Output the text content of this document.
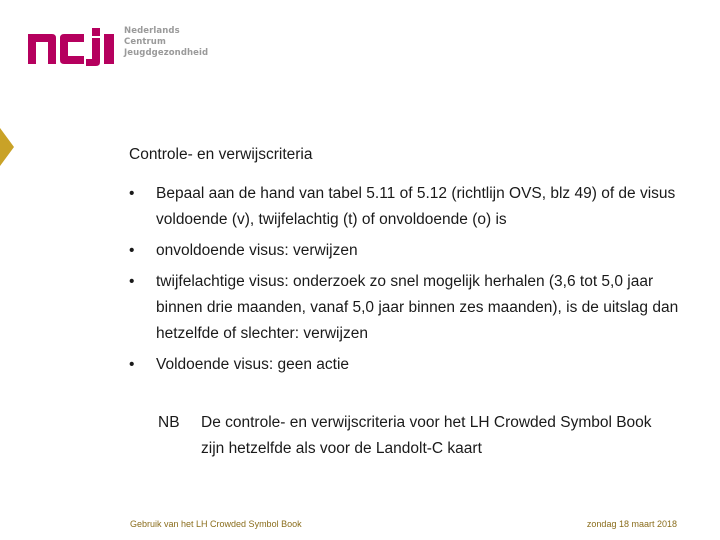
Nederlands
Centrum
Jeugdgezondheid
Controle- en verwijscriteria
• Bepaal aan de hand van tabel 5.11 of 5.12 (richtlijn OVS, blz 49) of de visus voldoende (v), twijfelachtig (t) of onvoldoende (o) is
• onvoldoende visus: verwijzen
• twijfelachtige visus: onderzoek zo snel mogelijk herhalen (3,6 tot 5,0 jaar binnen drie maanden, vanaf 5,0 jaar binnen zes maanden), is de uitslag dan hetzelfde of slechter: verwijzen
• Voldoende visus: geen actie
NB De controle- en verwijscriteria voor het LH Crowded Symbol Book zijn hetzelfde als voor de Landolt-C kaart
Gebruik van het LH Crowded Symbol Book	zondag 18 maart 2018
